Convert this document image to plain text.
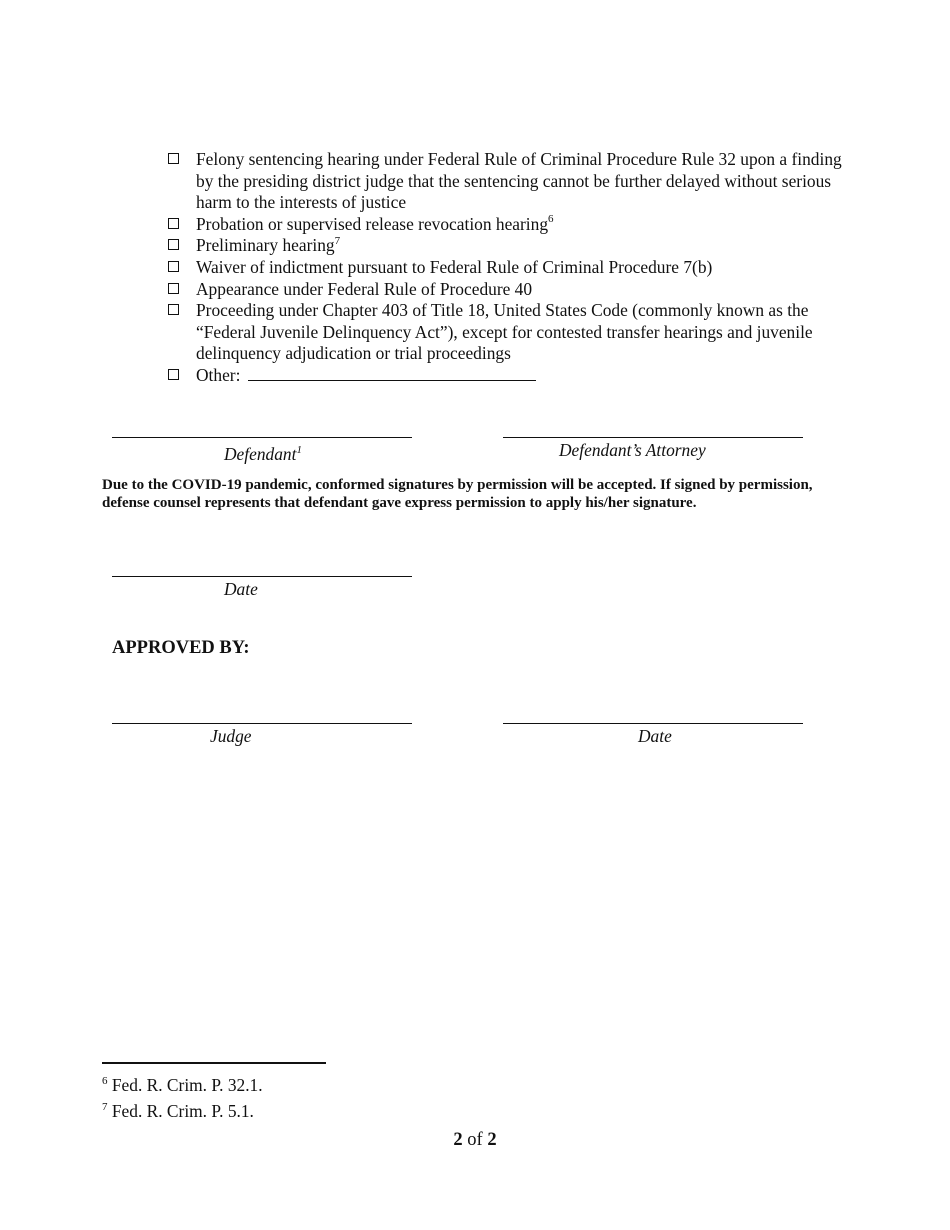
Felony sentencing hearing under Federal Rule of Criminal Procedure Rule 32 upon a finding by the presiding district judge that the sentencing cannot be further delayed without serious harm to the interests of justice
Probation or supervised release revocation hearing$^6$
Preliminary hearing$^7$
Waiver of indictment pursuant to Federal Rule of Criminal Procedure 7(b)
Appearance under Federal Rule of Procedure 40
Proceeding under Chapter 403 of Title 18, United States Code (commonly known as the “Federal Juvenile Delinquency Act”), except for contested transfer hearings and juvenile delinquency adjudication or trial proceedings
Other:
Defendant$^1$	Defendant’s Attorney
Due to the COVID-19 pandemic, conformed signatures by permission will be accepted. If signed by permission, defense counsel represents that defendant gave express permission to apply his/her signature.
Date
APPROVED BY:
Judge	Date
$^6$ Fed. R. Crim. P. 32.1.
$^7$ Fed. R. Crim. P. 5.1.
2 of 2
